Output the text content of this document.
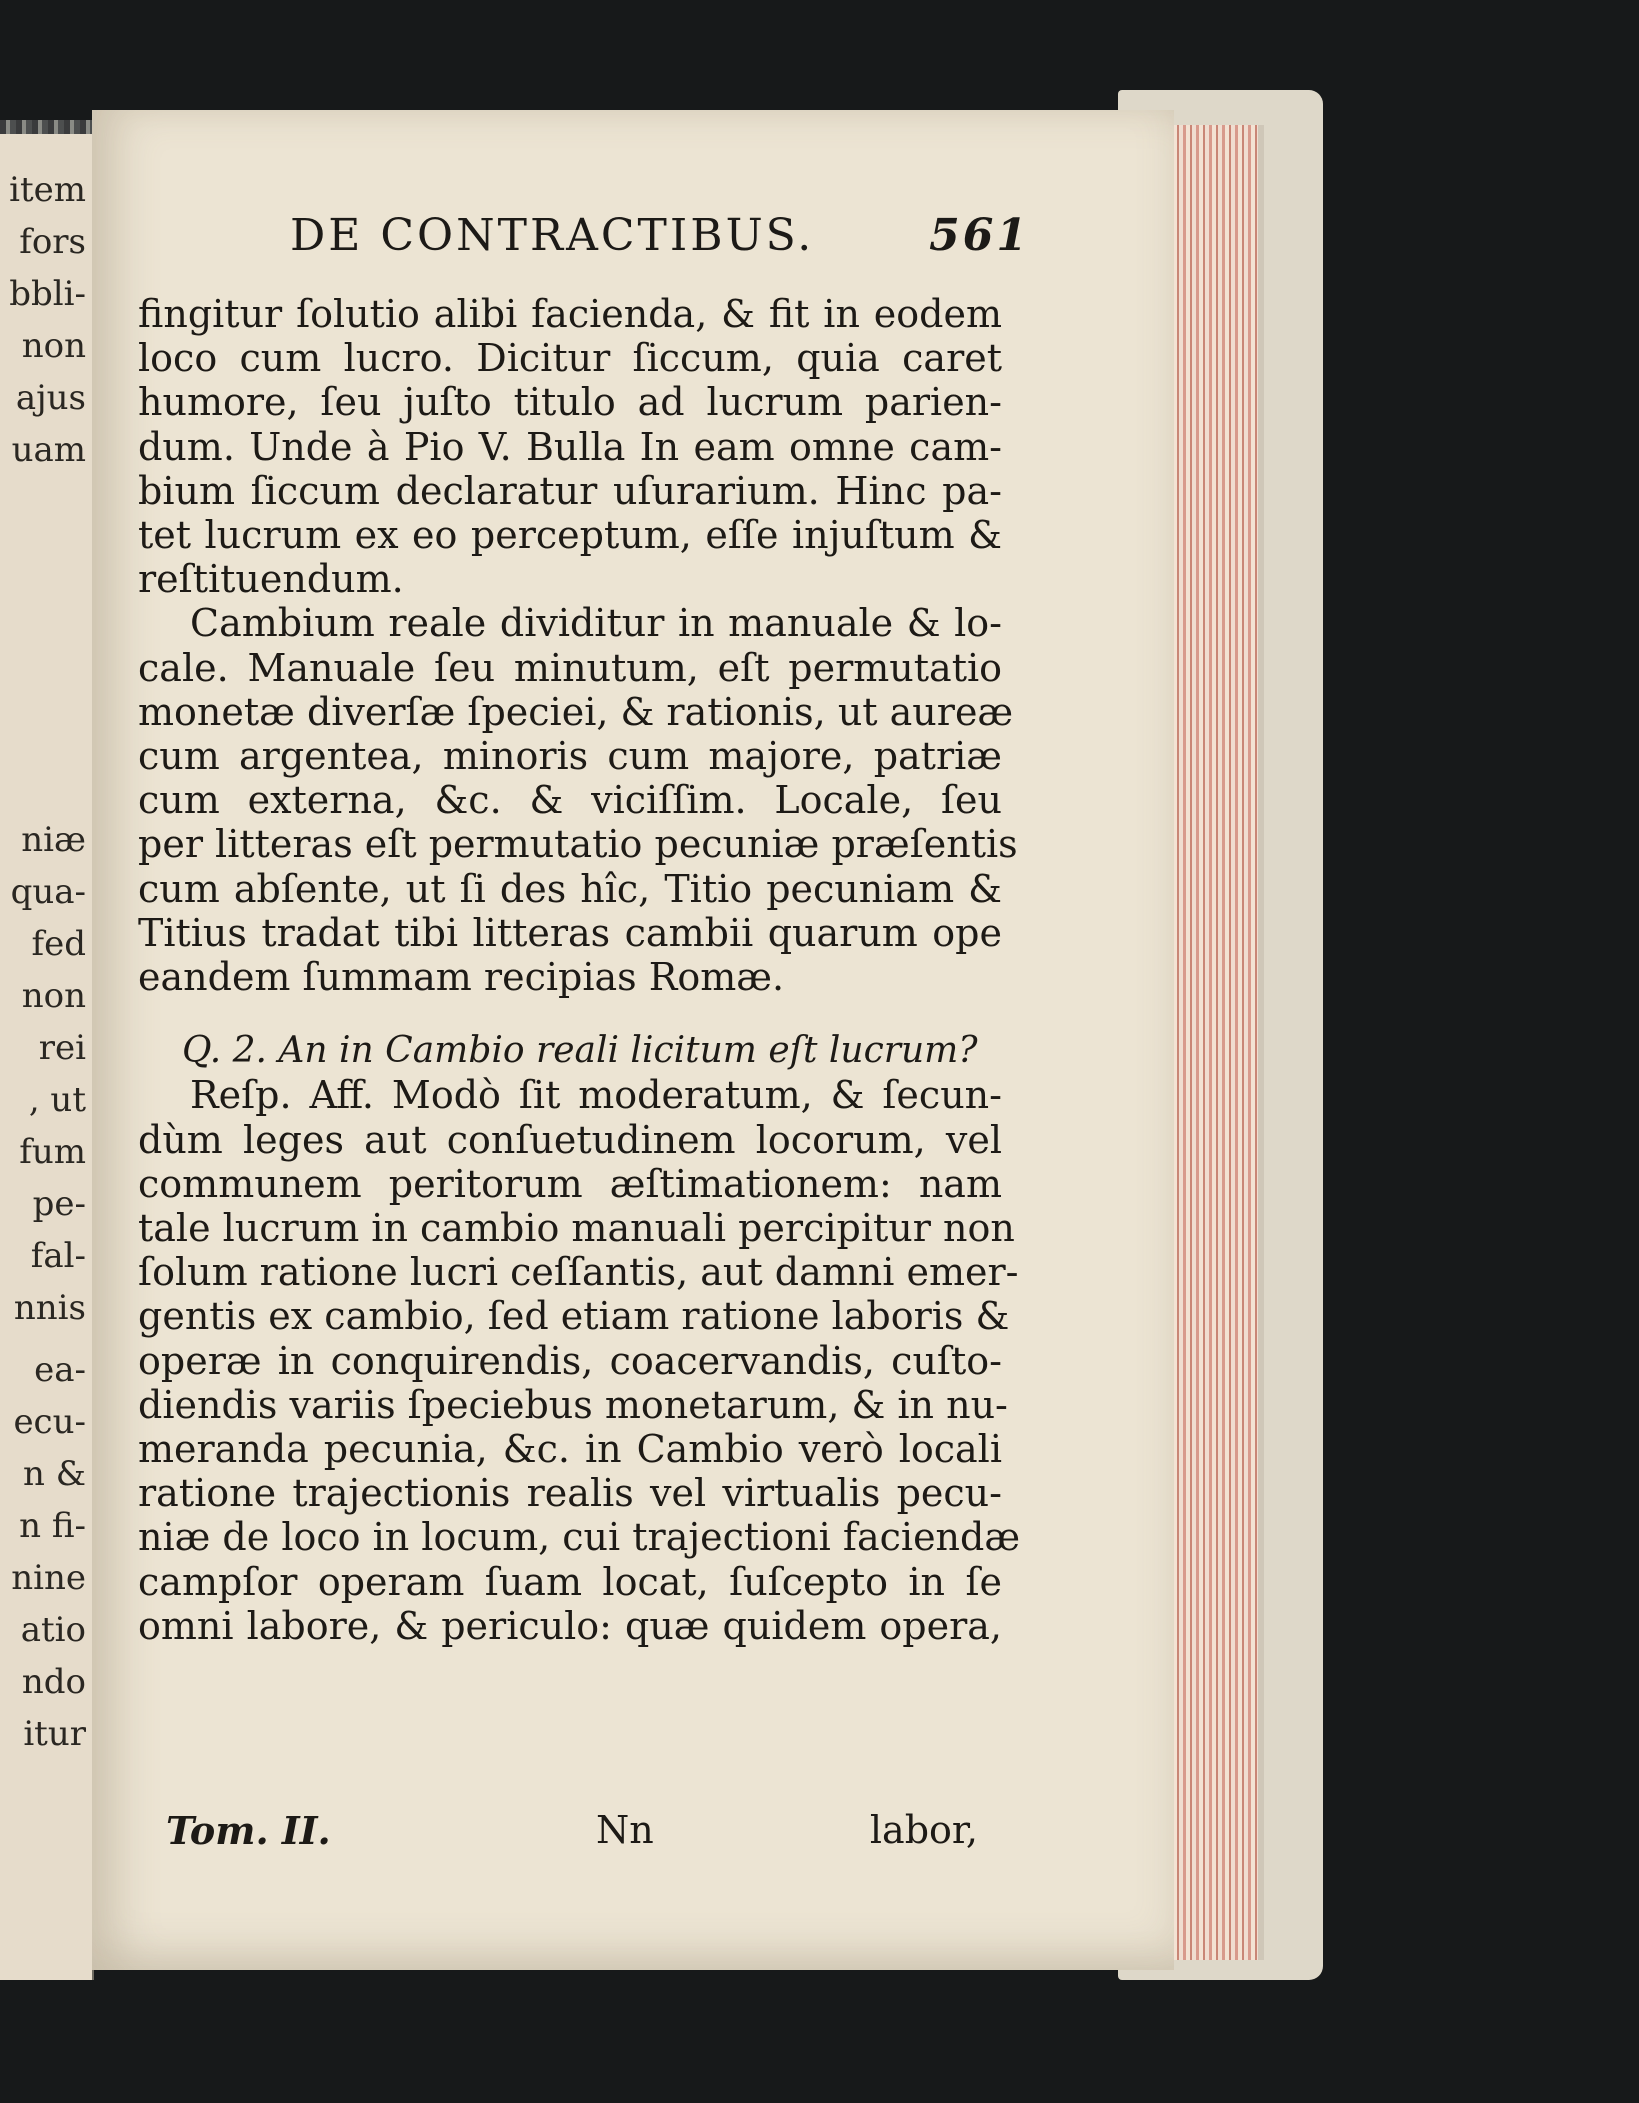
item
fors
bbli-
non
ajus
uam
niæ
qua-
fed
non
rei
, ut
fum
pe-
fal-
nnis
ea-
ecu-
n &
n fi-
nine
atio
ndo
itur
DE CONTRACTIBUS.	561
fingitur ſolutio alibi facienda, & fit in eodem
loco cum lucro. Dicitur ſiccum, quia caret
humore, ſeu juſto titulo ad lucrum parien-
dum. Unde à Pio V. Bulla In eam omne cam-
bium ſiccum declaratur uſurarium. Hinc pa-
tet lucrum ex eo perceptum, eſſe injuſtum &
reſtituendum.
Cambium reale dividitur in manuale & lo-
cale. Manuale ſeu minutum, eſt permutatio
monetæ diverſæ ſpeciei, & rationis, ut aureæ
cum argentea, minoris cum majore, patriæ
cum externa, &c. & viciſſim. Locale, ſeu
per litteras eſt permutatio pecuniæ præſentis
cum abſente, ut ſi des hîc, Titio pecuniam &
Titius tradat tibi litteras cambii quarum ope
eandem ſummam recipias Romæ.
Q. 2. An in Cambio reali licitum eſt lucrum?
Reſp. Aff. Modò ſit moderatum, & ſecun-
dùm leges aut conſuetudinem locorum, vel
communem peritorum æſtimationem: nam
tale lucrum in cambio manuali percipitur non
ſolum ratione lucri ceſſantis, aut damni emer-
gentis ex cambio, ſed etiam ratione laboris &
operæ in conquirendis, coacervandis, cuſto-
diendis variis ſpeciebus monetarum, & in nu-
meranda pecunia, &c. in Cambio verò locali
ratione trajectionis realis vel virtualis pecu-
niæ de loco in locum, cui trajectioni faciendæ
campſor operam ſuam locat, ſuſcepto in ſe
omni labore, & periculo: quæ quidem opera,
Tom. II.	Nn	labor,
